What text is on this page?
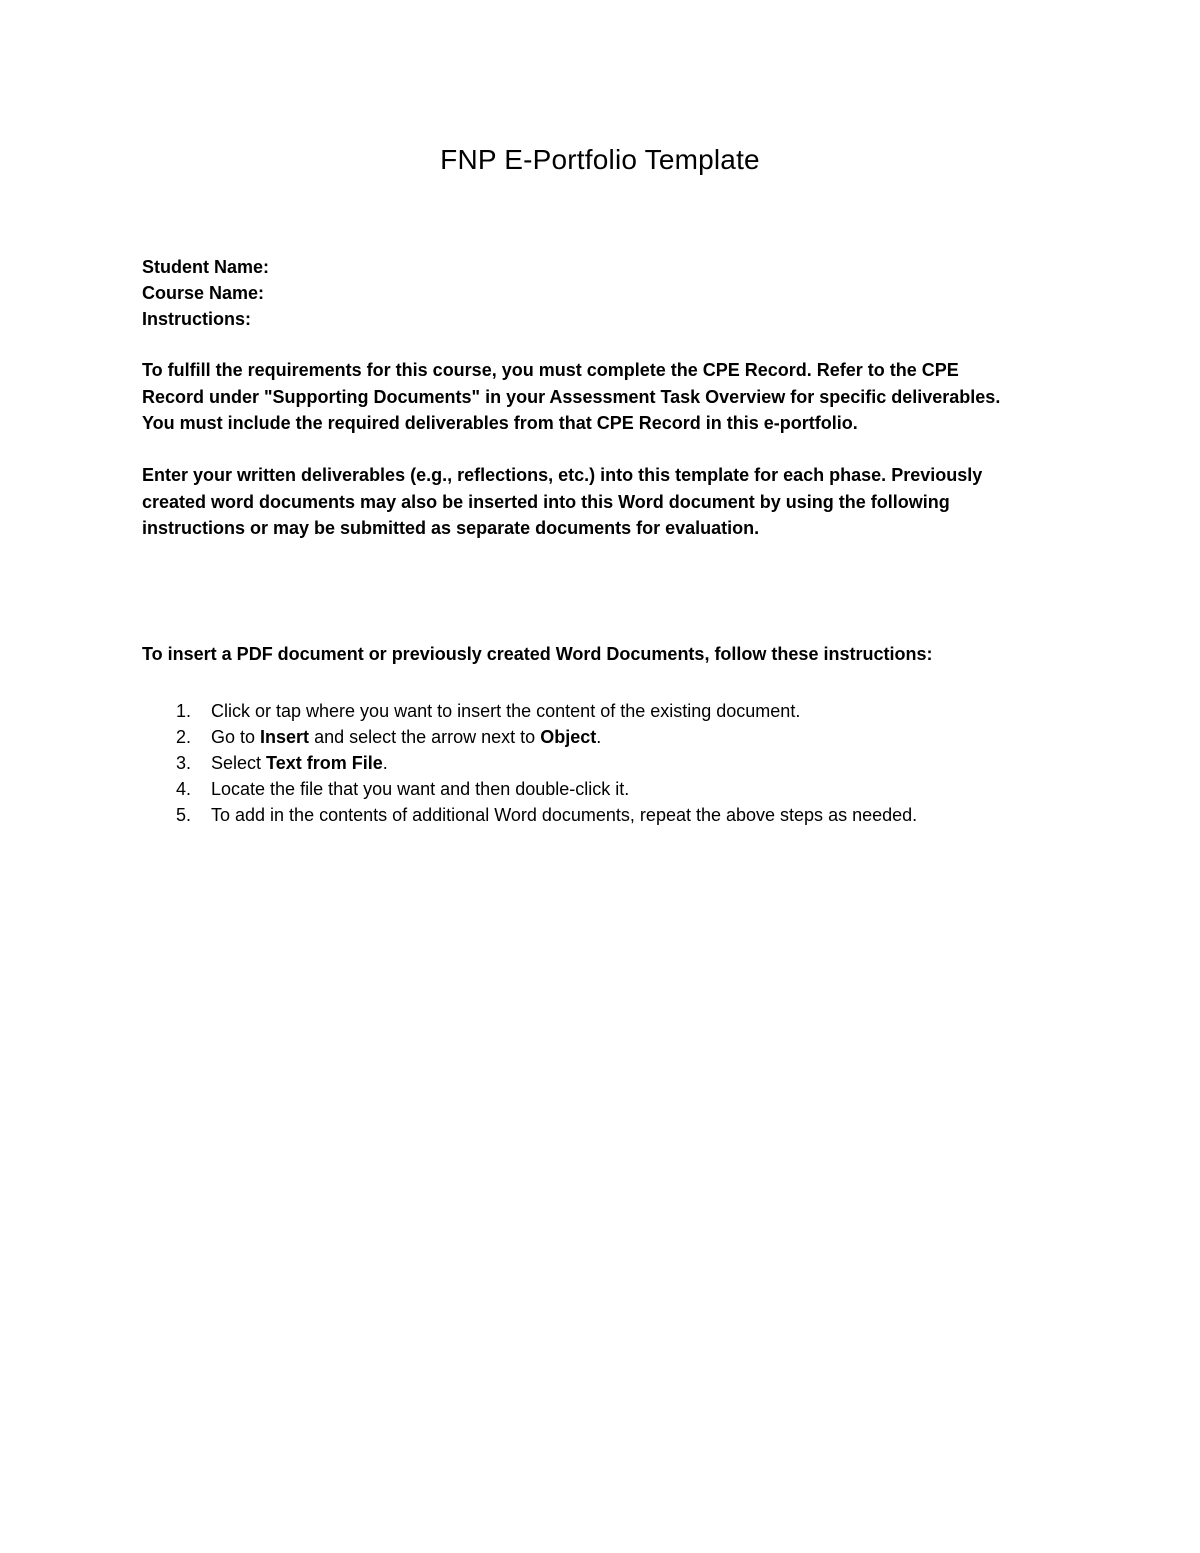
FNP E-Portfolio Template
Student Name:
Course Name:
Instructions:

To fulfill the requirements for this course, you must complete the CPE Record. Refer to the CPE

Record under "Supporting Documents" in your Assessment Task Overview for specific deliverables.

You must include the required deliverables from that CPE Record in this e-portfolio.

Enter your written deliverables (e.g., reflections, etc.) into this template for each phase. Previously

created word documents may also be inserted into this Word document by using the following

instructions or may be submitted as separate documents for evaluation.

To insert a PDF document or previously created Word Documents, follow these instructions:
1. Click or tap where you want to insert the content of the existing document.
2. Go to Insert and select the arrow next to Object.
3. Select Text from File.
4. Locate the file that you want and then double-click it.
5. To add in the contents of additional Word documents, repeat the above steps as needed.
